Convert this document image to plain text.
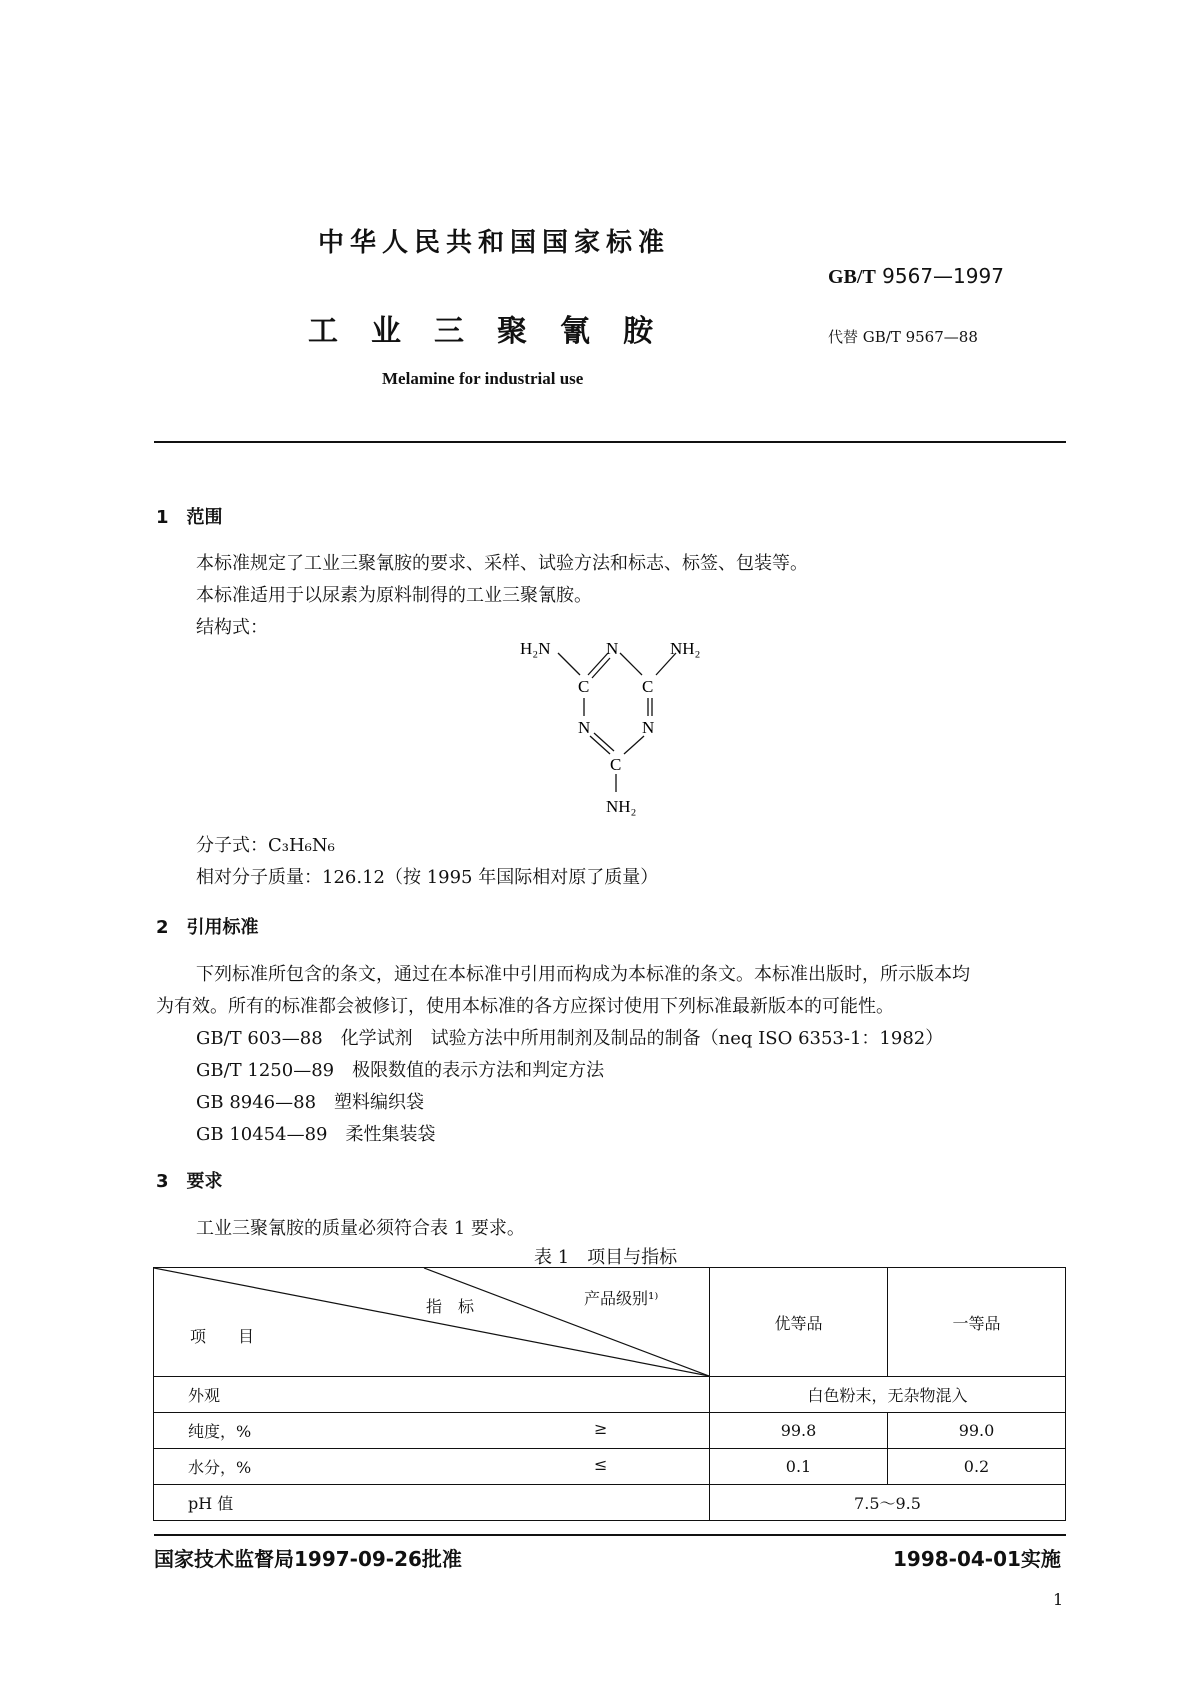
中华人民共和国国家标准
GB/T 9567—1997
工业三聚氰胺	代替 GB/T 9567—88
Melamine for industrial use
1　范围
本标准规定了工业三聚氰胺的要求、采样、试验方法和标志、标签、包装等。
本标准适用于以尿素为原料制得的工业三聚氰胺。
结构式：
H₂N	N	NH₂
C	C
N	N
C
NH₂
分子式：C₃H₆N₆
相对分子质量：126.12（按 1995 年国际相对原了质量）
2　引用标准
下列标准所包含的条文，通过在本标准中引用而构成为本标准的条文。本标准出版时，所示版本均
为有效。所有的标准都会被修订，使用本标准的各方应探讨使用下列标准最新版本的可能性。
GB/T 603—88　化学试剂　试验方法中所用制剂及制品的制备（neq ISO 6353-1：1982）
GB/T 1250—89　极限数值的表示方法和判定方法
GB 8946—88　塑料编织袋
GB 10454—89　柔性集装袋
3　要求
工业三聚氰胺的质量必须符合表 1 要求。
表 1　项目与指标
产品级别¹⁾
指　标
项　　目	优等品	一等品
外观	白色粉末，无杂物混入	
纯度，% ≥	99.8	99.0
水分，% ≤	0.1	0.2
pH 值	7.5～9.5	
国家技术监督局1997-09-26批准	1998-04-01实施
1
